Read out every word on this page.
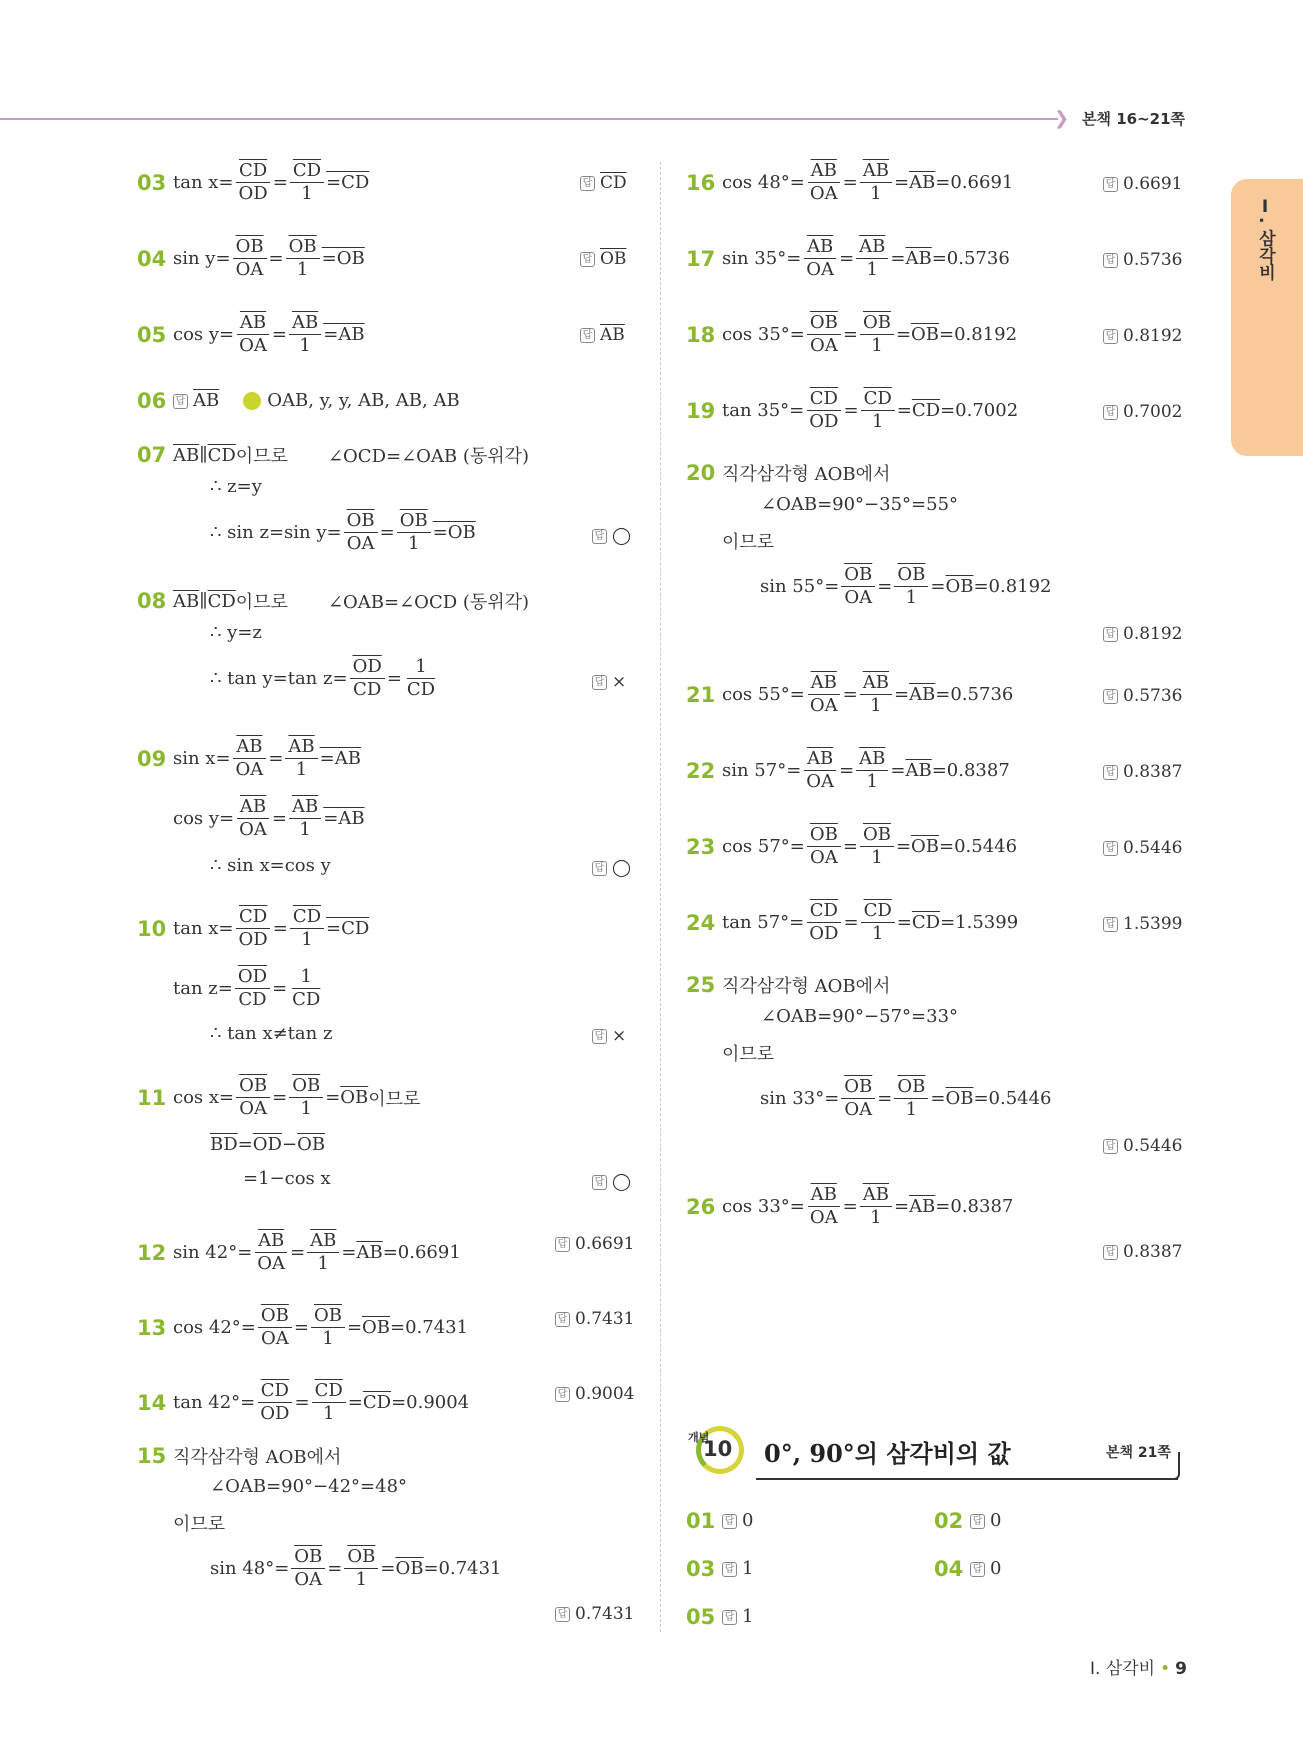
❯ 본책 16~21쪽
Ⅰ. 삼각비
03 $\tan x= \frac{\overline{CD}}{OD} = \frac{\overline{CD}}{1} =CD$	답 $\overline{CD}$
04 $\sin y= \frac{\overline{OB}}{OA} = \frac{\overline{OB}}{1} =OB$	답 $\overline{OB}$
05 $\cos y= \frac{\overline{AB}}{OA} = \frac{\overline{AB}}{1} =AB$	답 $\overline{AB}$
06 답 $\overline{AB}$	OAB, y, y, AB, AB, AB
07 $\overline{AB}$ ∥ $\overline{CD}$ 이므로 ∠OCD=∠OAB (동위각)
∴ z=y
∴ sin z=sin $y= \frac{\overline{OB}}{OA} = \frac{\overline{OB}}{1} =OB$	답 ◯
08 $\overline{AB}$ ∥ $\overline{CD}$ 이므로 ∠OAB=∠OCD (동위각)
∴ y=z
∴ tan y=tan $z= \frac{\overline{OD}}{CD} = \frac{1}{CD}$	답 ×
09 $\sin x= \frac{\overline{AB}}{OA} = \frac{\overline{AB}}{1} =AB$
$\cos y= \frac{\overline{AB}}{OA} = \frac{\overline{AB}}{1} =AB$
∴ sin x=cos y	답 ◯
10 $\tan x= \frac{\overline{CD}}{OD} = \frac{\overline{CD}}{1} =CD$
$\tan z= \frac{\overline{OD}}{CD} = \frac{1}{CD}$
∴ tan x≠tan z	답 ×
11 $\cos x= \frac{\overline{OB}}{OA} = \frac{\overline{OB}}{1} = \overline{OB}$ 이므로
$\overline{BD} = \overline{OD} - \overline{OB}$
=1−cos x	답 ◯
12 $\sin 42^\circ= \frac{\overline{AB}}{OA} = \frac{\overline{AB}}{1} = \overline{AB} =0.6691$	답 0.6691
13 $\cos 42^\circ= \frac{\overline{OB}}{OA} = \frac{\overline{OB}}{1} = \overline{OB} =0.7431$	답 0.7431
14 $\tan 42^\circ= \frac{\overline{CD}}{OD} = \frac{\overline{CD}}{1} = \overline{CD} =0.9004$	답 0.9004
15 직각삼각형 AOB에서
∠OAB=90°−42°=48°
이므로
$\sin 48^\circ= \frac{\overline{OB}}{OA} = \frac{\overline{OB}}{1} = \overline{OB} =0.7431$
답 0.7431
16 $\cos 48^\circ= \frac{\overline{AB}}{OA} = \frac{\overline{AB}}{1} = \overline{AB} =0.6691$	답 0.6691
17 $\sin 35^\circ= \frac{\overline{AB}}{OA} = \frac{\overline{AB}}{1} = \overline{AB} =0.5736$	답 0.5736
18 $\cos 35^\circ= \frac{\overline{OB}}{OA} = \frac{\overline{OB}}{1} = \overline{OB} =0.8192$	답 0.8192
19 $\tan 35^\circ= \frac{\overline{CD}}{OD} = \frac{\overline{CD}}{1} = \overline{CD} =0.7002$	답 0.7002
20 직각삼각형 AOB에서
∠OAB=90°−35°=55°
이므로
$\sin 55^\circ= \frac{\overline{OB}}{OA} = \frac{\overline{OB}}{1} = \overline{OB} =0.8192$
답 0.8192
21 $\cos 55^\circ= \frac{\overline{AB}}{OA} = \frac{\overline{AB}}{1} = \overline{AB} =0.5736$	답 0.5736
22 $\sin 57^\circ= \frac{\overline{AB}}{OA} = \frac{\overline{AB}}{1} = \overline{AB} =0.8387$	답 0.8387
23 $\cos 57^\circ= \frac{\overline{OB}}{OA} = \frac{\overline{OB}}{1} = \overline{OB} =0.5446$	답 0.5446
24 $\tan 57^\circ= \frac{\overline{CD}}{OD} = \frac{\overline{CD}}{1} = \overline{CD} =1.5399$	답 1.5399
25 직각삼각형 AOB에서
∠OAB=90°−57°=33°
이므로
$\sin 33^\circ= \frac{\overline{OB}}{OA} = \frac{\overline{OB}}{1} = \overline{OB} =0.5446$
답 0.5446
26 $\cos 33^\circ= \frac{\overline{AB}}{OA} = \frac{\overline{AB}}{1} = \overline{AB} =0.8387$
답 0.8387
개념
10 0°, 90°의 삼각비의 값	본책 21쪽
01 답 0	02 답 0
03 답 1	04 답 0
05 답 1
Ⅰ. 삼각비 • 9
